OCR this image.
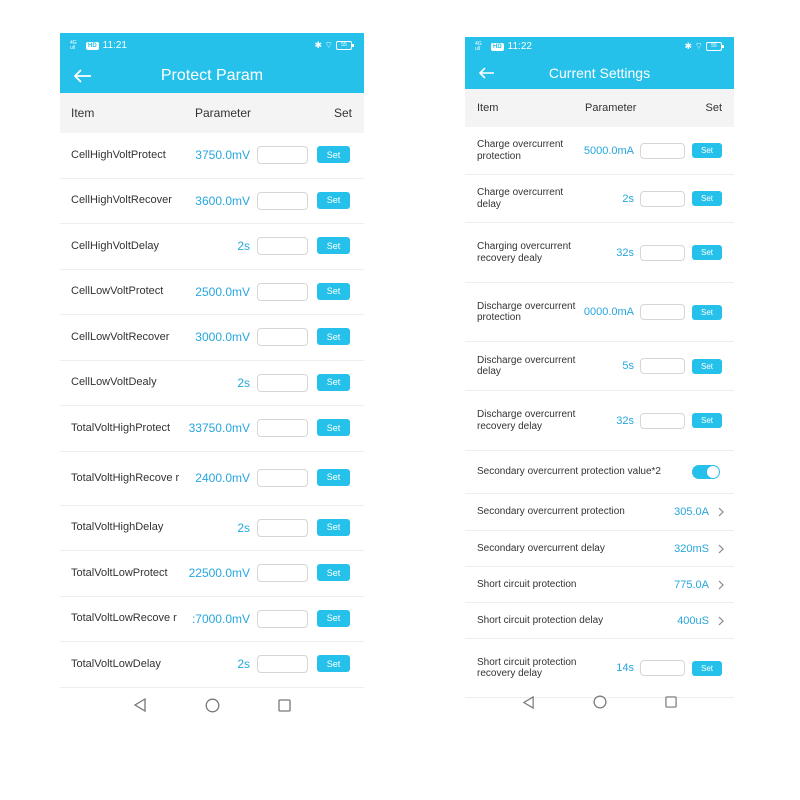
4G ull	HD 11:21	✱ ⌔	55
Protect Param
Item	Parameter	Set
CellHighVoltProtect	3750.0mV	Set
CellHighVoltRecover	3600.0mV	Set
CellHighVoltDelay	2s	Set
CellLowVoltProtect	2500.0mV	Set
CellLowVoltRecover	3000.0mV	Set
CellLowVoltDealy	2s	Set
TotalVoltHighProtect	33750.0mV	Set
TotalVoltHighRecove r	2400.0mV	Set
TotalVoltHighDelay	2s	Set
TotalVoltLowProtect	22500.0mV	Set
TotalVoltLowRecove r	:7000.0mV	Set
TotalVoltLowDelay	2s	Set
4G ull	HD 11:22	✱ ⌔	55
Current Settings
Item	Parameter	Set
Charge overcurrent protection	5000.0mA	Set
Charge overcurrent delay	2s	Set
Charging overcurrent recovery dealy	32s	Set
Discharge overcurrent protection	0000.0mA	Set
Discharge overcurrent delay	5s	Set
Discharge overcurrent recovery delay	32s	Set
Secondary overcurrent protection value*2
Secondary overcurrent protection	305.0A
Secondary overcurrent delay	320mS
Short circuit protection	775.0A
Short circuit protection delay	400uS
Short circuit protection recovery delay	14s	Set
